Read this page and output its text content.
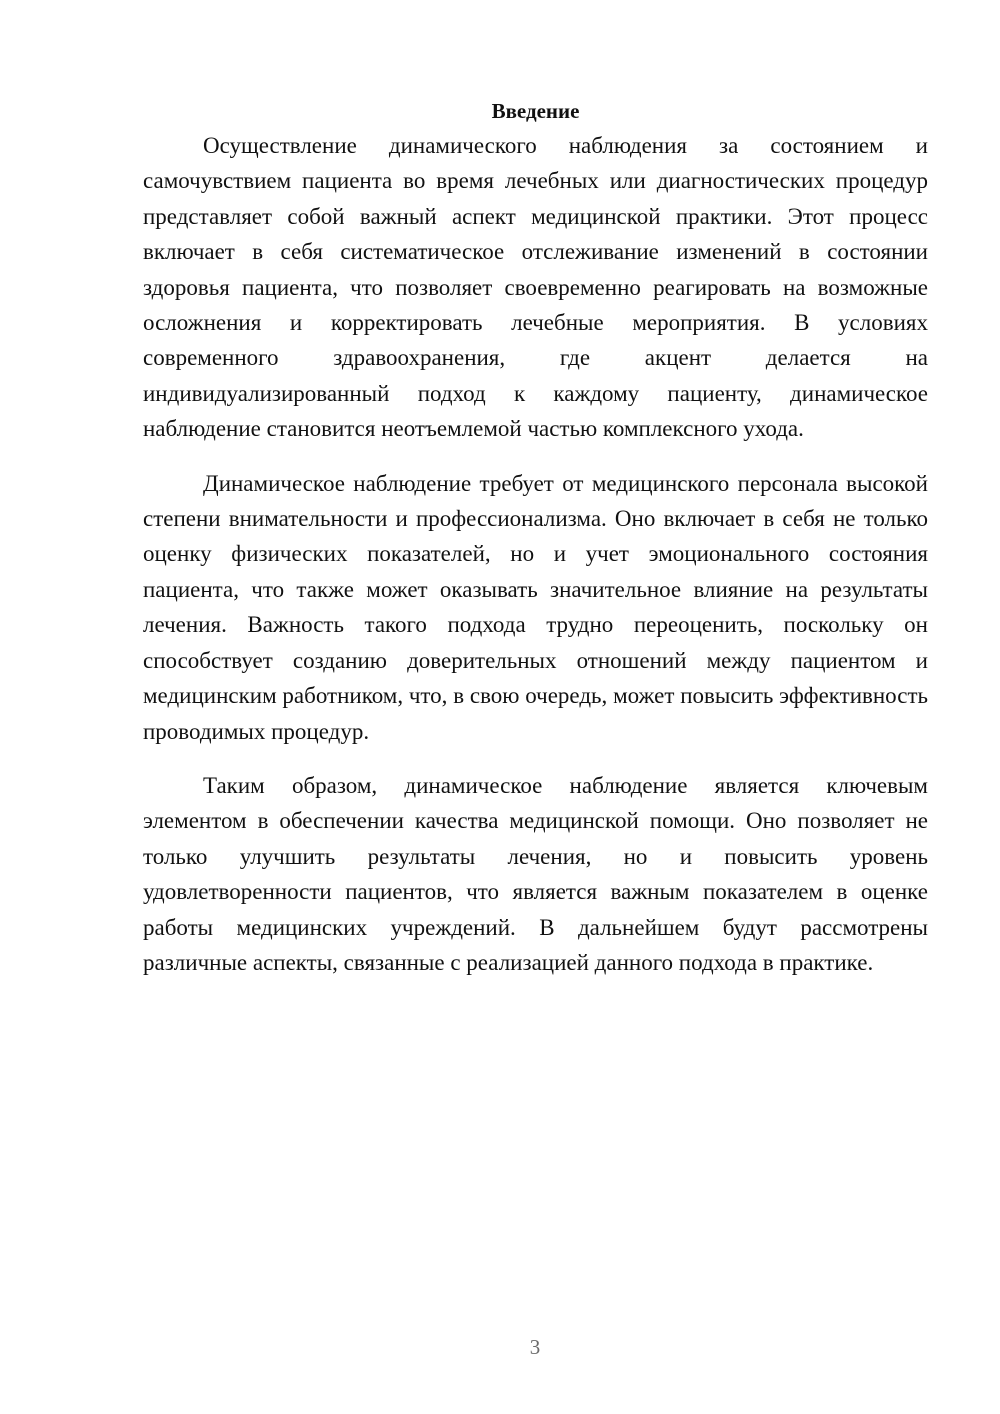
Введение

Осуществление динамического наблюдения за состоянием и самочувствием пациента во время лечебных или диагностических процедур представляет собой важный аспект медицинской практики. Этот процесс включает в себя систематическое отслеживание изменений в состоянии здоровья пациента, что позволяет своевременно реагировать на возможные осложнения и корректировать лечебные мероприятия. В условиях современного здравоохранения, где акцент делается на индивидуализированный подход к каждому пациенту, динамическое наблюдение становится неотъемлемой частью комплексного ухода.

Динамическое наблюдение требует от медицинского персонала высокой степени внимательности и профессионализма. Оно включает в себя не только оценку физических показателей, но и учет эмоционального состояния пациента, что также может оказывать значительное влияние на результаты лечения. Важность такого подхода трудно переоценить, поскольку он способствует созданию доверительных отношений между пациентом и медицинским работником, что, в свою очередь, может повысить эффективность проводимых процедур.

Таким образом, динамическое наблюдение является ключевым элементом в обеспечении качества медицинской помощи. Оно позволяет не только улучшить результаты лечения, но и повысить уровень удовлетворенности пациентов, что является важным показателем в оценке работы медицинских учреждений. В дальнейшем будут рассмотрены различные аспекты, связанные с реализацией данного подхода в практике.

3
